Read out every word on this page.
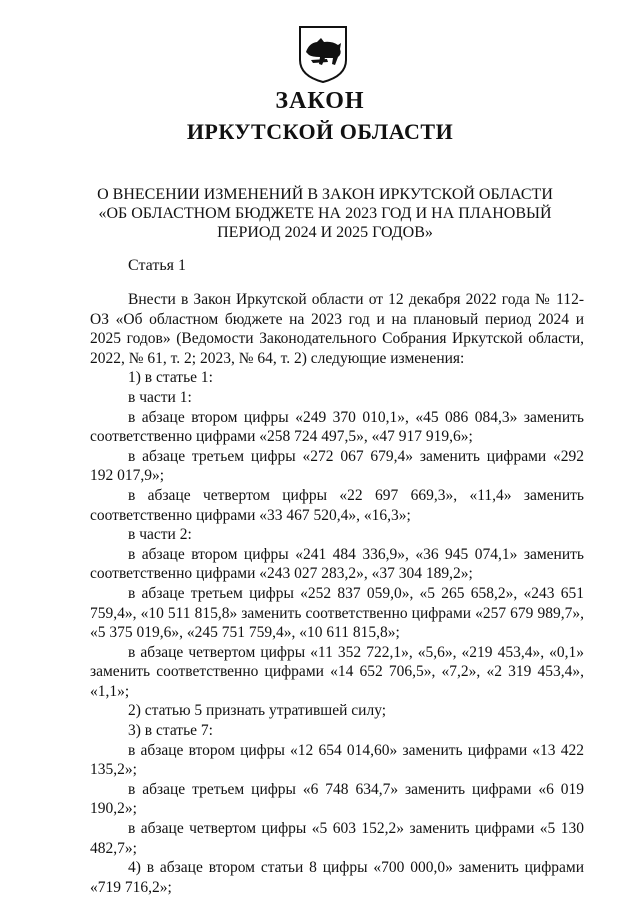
ЗАКОН
ИРКУТСКОЙ ОБЛАСТИ
О ВНЕСЕНИИ ИЗМЕНЕНИЙ В ЗАКОН ИРКУТСКОЙ ОБЛАСТИ
«ОБ ОБЛАСТНОМ БЮДЖЕТЕ НА 2023 ГОД И НА ПЛАНОВЫЙ
ПЕРИОД 2024 И 2025 ГОДОВ»
Статья 1

Внести в Закон Иркутской области от 12 декабря 2022 года № 112-ОЗ «Об областном бюджете на 2023 год и на плановый период 2024 и 2025 годов» (Ведомости Законодательного Собрания Иркутской области, 2022, № 61, т. 2; 2023, № 64, т. 2) следующие изменения:

1) в статье 1:

в части 1:

в абзаце втором цифры «249 370 010,1», «45 086 084,3» заменить соответственно цифрами «258 724 497,5», «47 917 919,6»;

в абзаце третьем цифры «272 067 679,4» заменить цифрами «292 192 017,9»;

в абзаце четвертом цифры «22 697 669,3», «11,4» заменить соответственно цифрами «33 467 520,4», «16,3»;

в части 2:

в абзаце втором цифры «241 484 336,9», «36 945 074,1» заменить соответственно цифрами «243 027 283,2», «37 304 189,2»;

в абзаце третьем цифры «252 837 059,0», «5 265 658,2», «243 651 759,4», «10 511 815,8» заменить соответственно цифрами «257 679 989,7», «5 375 019,6», «245 751 759,4», «10 611 815,8»;

в абзаце четвертом цифры «11 352 722,1», «5,6», «219 453,4», «0,1» заменить соответственно цифрами «14 652 706,5», «7,2», «2 319 453,4», «1,1»;

2) статью 5 признать утратившей силу;

3) в статье 7:

в абзаце втором цифры «12 654 014,60» заменить цифрами «13 422 135,2»;

в абзаце третьем цифры «6 748 634,7» заменить цифрами «6 019 190,2»;

в абзаце четвертом цифры «5 603 152,2» заменить цифрами «5 130 482,7»;

4) в абзаце втором статьи 8 цифры «700 000,0» заменить цифрами «719 716,2»;
